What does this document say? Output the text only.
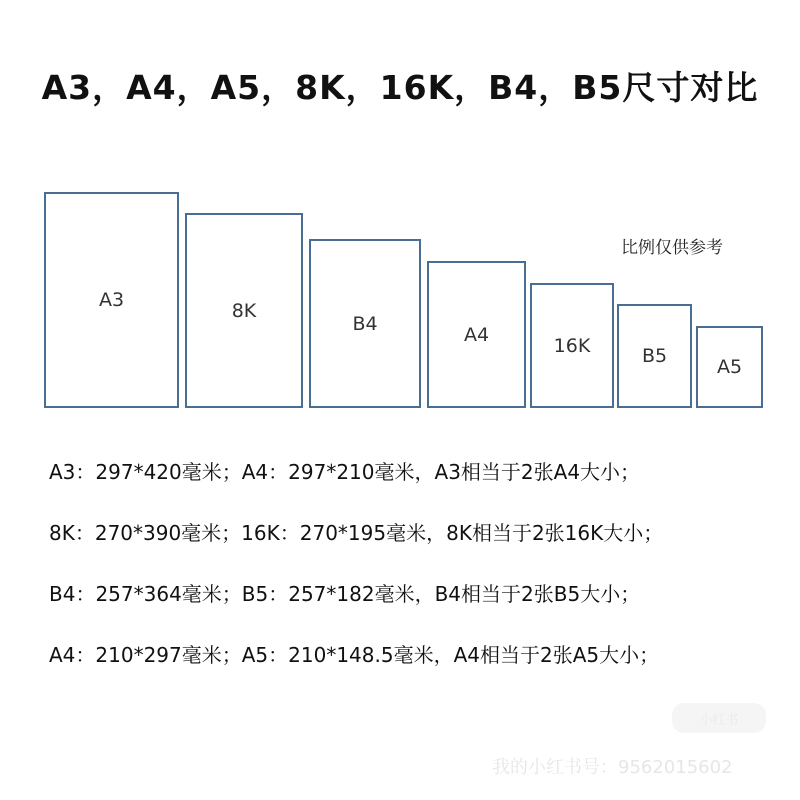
A3，A4，A5，8K，16K，B4，B5尺寸对比
比例仅供参考
A3	8K
B4	A4	16K	B5	A5
A3：297*420毫米；A4：297*210毫米，A3相当于2张A4大小；
8K：270*390毫米；16K：270*195毫米，8K相当于2张16K大小；
B4：257*364毫米；B5：257*182毫米，B4相当于2张B5大小；
A4：210*297毫米；A5：210*148.5毫米，A4相当于2张A5大小；
小红书
我的小红书号：9562015602
